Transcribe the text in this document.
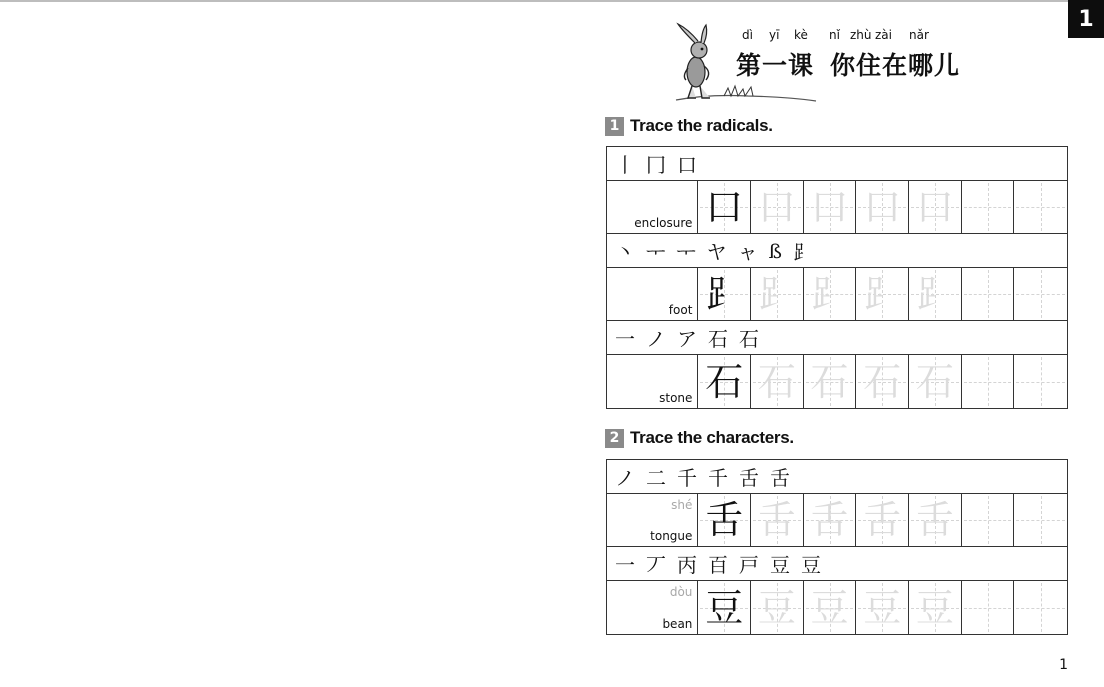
1
dì yī kè nǐ zhù zài nǎr
第一课 你住在哪儿
1 Trace the radicals.
丨 冂 口
enclosure 口 口 口 口 口
丶 ᅮ ᅮ ヤ ャ ß ⻊
foot ⻊ ⻊ ⻊ ⻊ ⻊
一 ノ ア 石 石
stone 石 石 石 石 石
2 Trace the characters.
ノ 二 千 千 舌 舌
shé
tongue 舌 舌 舌 舌 舌
一 丆 丙 百 戸 豆 豆
dòu
bean 豆 豆 豆 豆 豆
1
